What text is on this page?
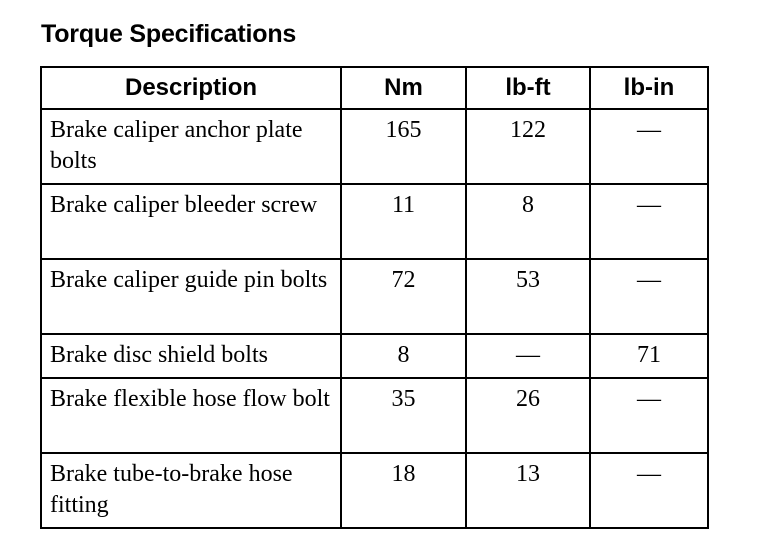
Torque Specifications
Description	Nm	lb-ft	lb-in
Brake caliper anchor plate bolts	165	122	—
Brake caliper bleeder screw	11	8	—
Brake caliper guide pin bolts	72	53	—
Brake disc shield bolts	8	—	71
Brake flexible hose flow bolt	35	26	—
Brake tube-to-brake hose fitting	18	13	—
